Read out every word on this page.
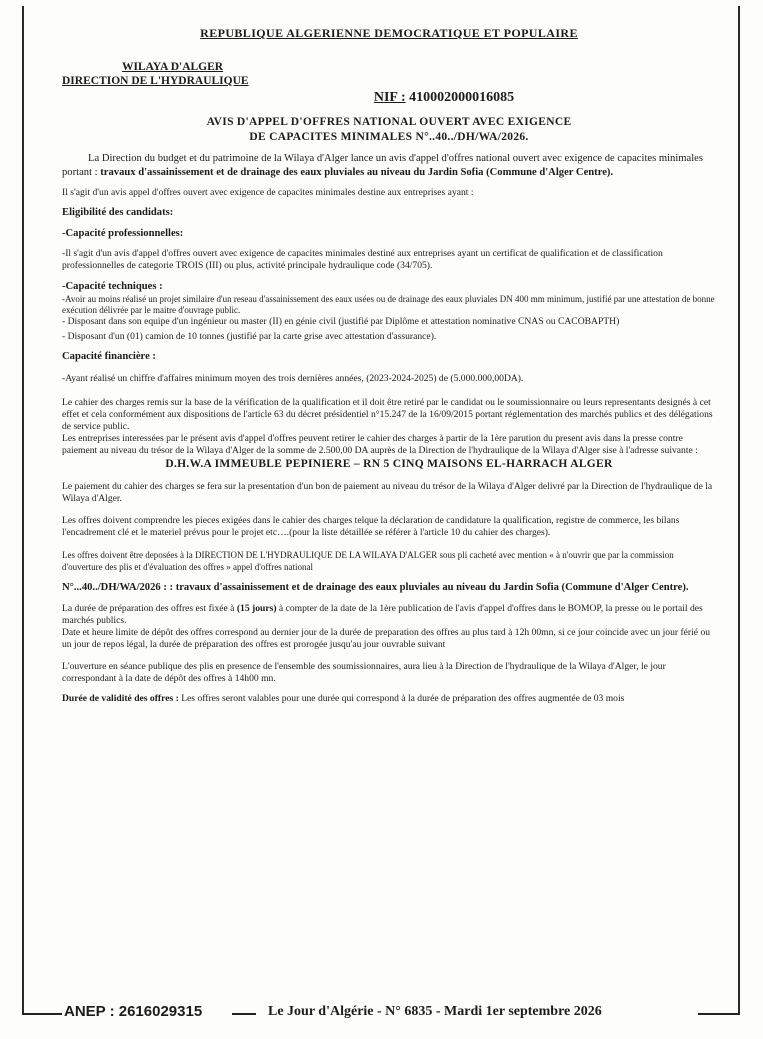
REPUBLIQUE ALGERIENNE DEMOCRATIQUE ET POPULAIRE
WILAYA D'ALGER
DIRECTION DE L'HYDRAULIQUE
NIF : 410002000016085
AVIS D'APPEL D'OFFRES NATIONAL OUVERT AVEC EXIGENCE
DE CAPACITES MINIMALES N°..40../DH/WA/2026.

La Direction du budget et du patrimoine de la Wilaya d'Alger lance un avis d'appel d'offres national ouvert avec exigence de capacites minimales portant : travaux d'assainissement et de drainage des eaux pluviales au niveau du Jardin Sofia (Commune d'Alger Centre).

Il s'agit d'un avis appel d'offres ouvert avec exigence de capacites minimales destine aux entreprises ayant :

Eligibilité des candidats:

-Capacité professionnelles:

-Il s'agit d'un avis d'appel d'offres ouvert avec exigence de capacites minimales destiné aux entreprises ayant un certificat de qualification et de classification professionnelles de categorie TROIS (III) ou plus, activité principale hydraulique code (34/705).

-Capacité techniques :

-Avoir au moins réalisé un projet similaire d'un reseau d'assainissement des eaux usées ou de drainage des eaux pluviales DN 400 mm minimum, justifié par une attestation de bonne exécution délivrée par le maitre d'ouvrage public.
- Disposant dans son equipe d'un ingénieur ou master (II) en génie civil (justifié par Diplôme et attestation nominative CNAS ou CACOBAPTH)
- Disposant d'un (01) camion de 10 tonnes (justifié par la carte grise avec attestation d'assurance).

Capacité financière :

-Ayant réalisé un chiffre d'affaires minimum moyen des trois dernières années, (2023-2024-2025) de (5.000.000,00DA).

Le cahier des charges remis sur la base de la vérification de la qualification et il doit être retiré par le candidat ou le soumissionnaire ou leurs representants designés à cet effet et cela conformément aux dispositions de l'article 63 du décret présidentiel n°15.247 de la 16/09/2015 portant réglementation des marchés publics et des délégations de service public.

Les entreprises interessées par le présent avis d'appel d'offres peuvent retirer le cahier des charges à partir de la 1ère parution du present avis dans la presse contre paiement au niveau du trésor de la Wilaya d'Alger de la somme de 2.500,00 DA auprès de la Direction de l'hydraulique de la Wilaya d'Alger sise à l'adresse suivante :
D.H.W.A IMMEUBLE PEPINIERE – RN 5 CINQ MAISONS EL-HARRACH ALGER

Le paiement du cahier des charges se fera sur la presentation d'un bon de paiement au niveau du trésor de la Wilaya d'Alger delivré par la Direction de l'hydraulique de la Wilaya d'Alger.

Les offres doivent comprendre les pieces exigées dans le cahier des charges telque la déclaration de candidature la qualification, registre de commerce, les bilans l'encadrement clé et le materiel prévus pour le projet etc….(pour la liste détaillée se référer à l'article 10 du cahier des charges).

Les offres doivent être deposées à la DIRECTION DE L'HYDRAULIQUE DE LA WILAYA D'ALGER sous pli cacheté avec mention « à n'ouvrir que par la commission d'ouverture des plis et d'évaluation des offres » appel d'offres national

N°...40../DH/WA/2026 : : travaux d'assainissement et de drainage des eaux pluviales au niveau du Jardin Sofia (Commune d'Alger Centre).

La durée de préparation des offres est fixée à (15 jours) à compter de la date de la 1ère publication de l'avis d'appel d'offres dans le BOMOP, la presse ou le portail des marchés publics.

Date et heure limite de dépôt des offres correspond au dernier jour de la durée de preparation des offres au plus tard à 12h 00mn, si ce jour coincide avec un jour férié ou un jour de repos légal, la durée de préparation des offres est prorogée jusqu'au jour ouvrable suivant

L'ouverture en séance publique des plis en presence de l'ensemble des soumissionnaires, aura lieu à la Direction de l'hydraulique de la Wilaya d'Alger, le jour correspondant à la date de dépôt des offres à 14h00 mn.

Durée de validité des offres : Les offres seront valables pour une durée qui correspond à la durée de préparation des offres augmentée de 03 mois

ANEP : 2616029315	Le Jour d'Algérie - N° 6835 - Mardi 1er septembre 2026
